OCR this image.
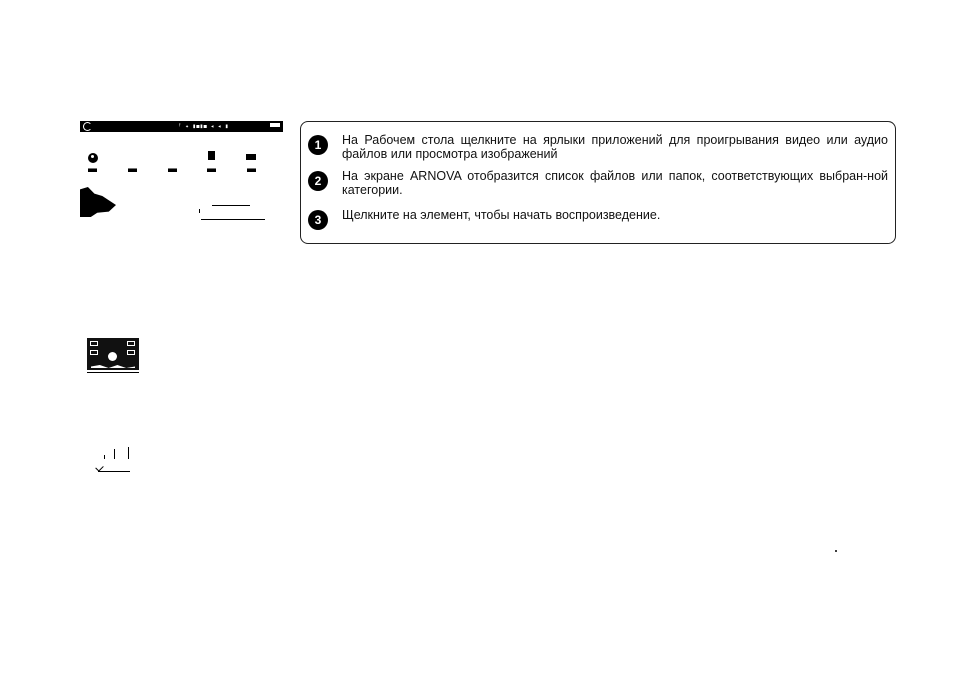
ᶠ ✦ ▮◼▮◼ ◂ ◂ ▮
1	На Рабочем стола щелкните на ярлыки приложений для проигрывания видео или аудио файлов или просмотра изображений

2	На экране ARNOVA отобразится список файлов или папок, соответствующих выбран-ной категории.

3	Щелкните на элемент, чтобы начать воспроизведение.
